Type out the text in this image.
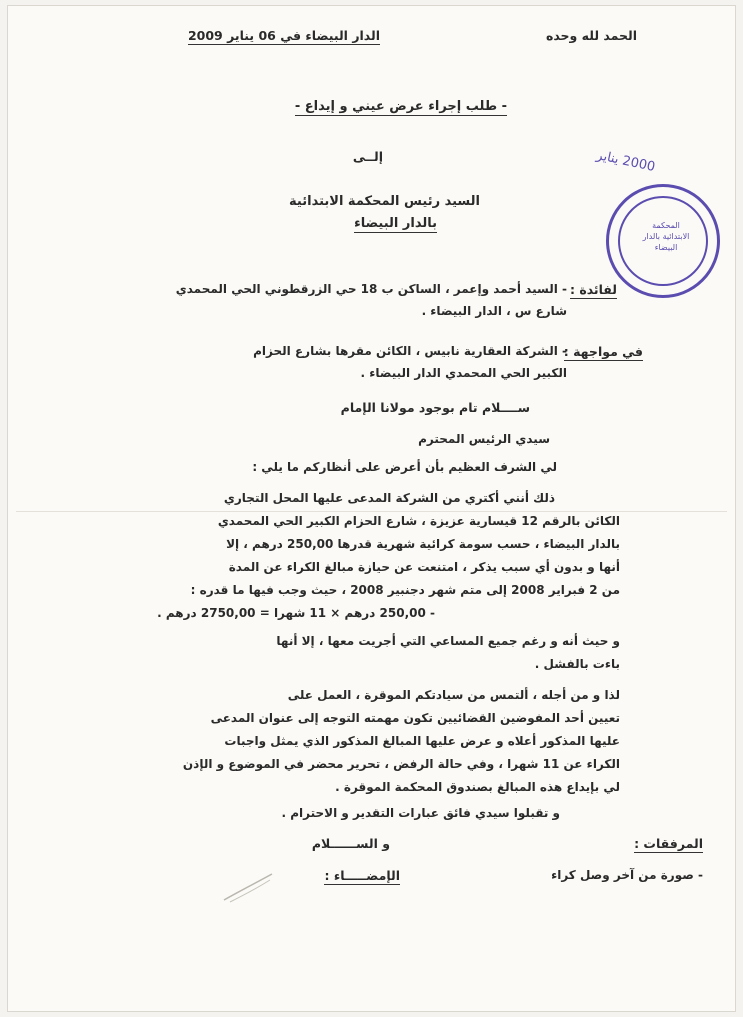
الدار البيضاء في 06 يناير 2009	الحمد لله وحده
- طلب إجراء عرض عيني و إيداع -
إلــى
السيد رئيس المحكمة الابتدائية
بالدار البيضاء
2000 يناير
المحكمة الابتدائية بالدار البيضاء
لفائدة :
- السيد أحمد وإعمر ، الساكن ب 18 حي الزرقطوني الحي المحمدي
شارع س ، الدار البيضاء .
في مواجهة :
- الشركة العقارية نابيس ، الكائن مقرها بشارع الحزام
الكبير الحي المحمدي الدار البيضاء .
ســــلام تام بوجود مولانا الإمام
سيدي الرئيس المحترم
لي الشرف العظيم بأن أعرض على أنظاركم ما يلي :
ذلك أنني أكتري من الشركة المدعى عليها المحل التجاري
الكائن بالرقم 12 قيسارية عزيزة ، شارع الحزام الكبير الحي المحمدي
بالدار البيضاء ، حسب سومة كرائية شهرية قدرها 250,00 درهم ، إلا
أنها و بدون أي سبب يذكر ، امتنعت عن حيازة مبالغ الكراء عن المدة
من 2 فبراير 2008 إلى متم شهر دجنبير 2008 ، حيث وجب فيها ما قدره :
- 250,00 درهم × 11 شهرا = 2750,00 درهم .
و حيث أنه و رغم جميع المساعي التي أجريت معها ، إلا أنها
باءت بالفشل .
لذا و من أجله ، ألتمس من سيادتكم الموقرة ، العمل على
تعيين أحد المفوضين القضائيين تكون مهمته التوجه إلى عنوان المدعى
عليها المذكور أعلاه و عرض عليها المبالغ المذكور الذي يمثل واجبات
الكراء عن 11 شهرا ، وفي حالة الرفض ، تحرير محضر في الموضوع و الإذن
لي بإيداع هذه المبالغ بصندوق المحكمة الموقرة .
و تقبلوا سيدي فائق عبارات التقدير و الاحترام .
المرفقات :
و الســــــلام
- صورة من آخر وصل كراء
الإمضـــــاء :
